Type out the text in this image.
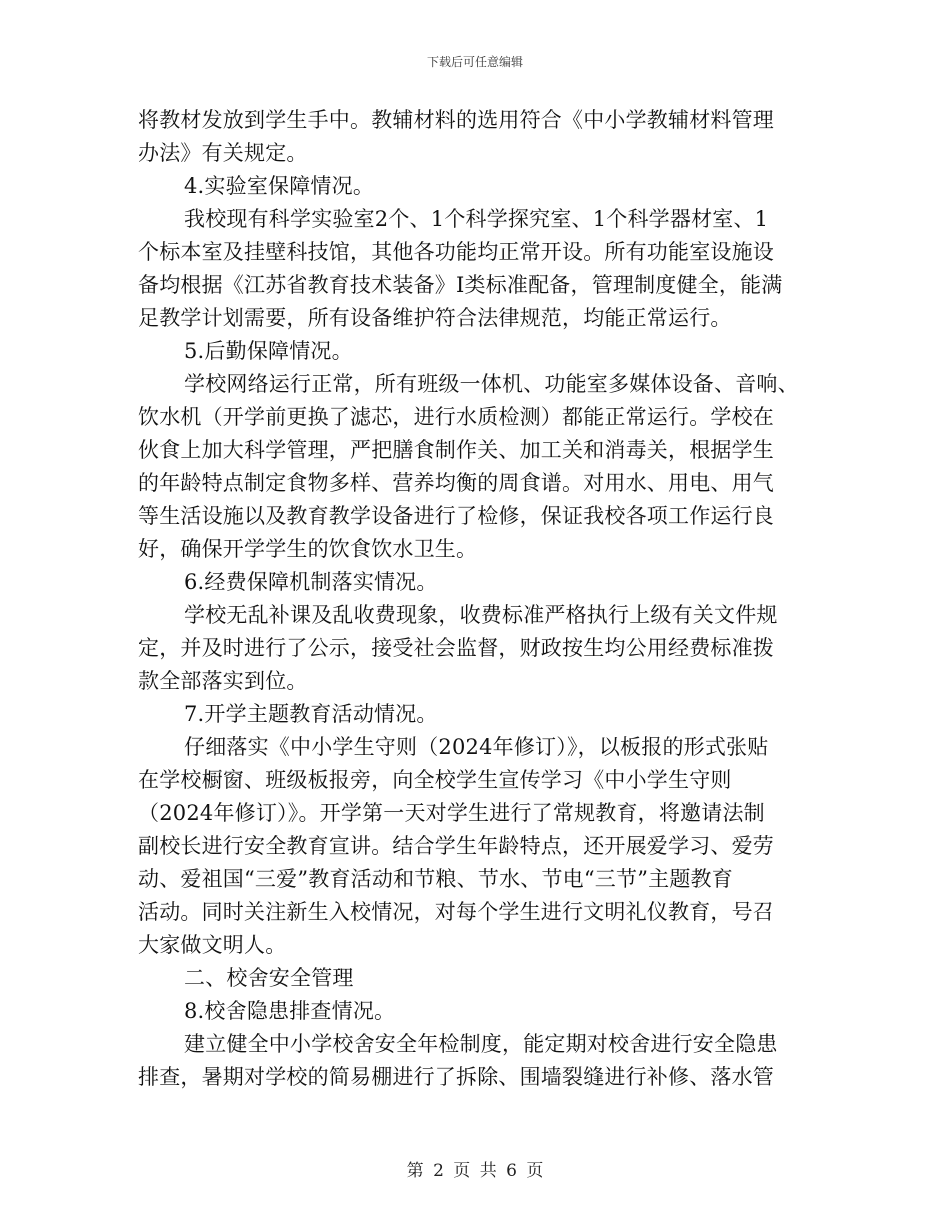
下载后可任意编辑
将教材发放到学生手中。教辅材料的选用符合《中小学教辅材料管理
办法》有关规定。
4.实验室保障情况。
我校现有科学实验室2个、1个科学探究室、1个科学器材室、1
个标本室及挂壁科技馆，其他各功能均正常开设。所有功能室设施设
备均根据《江苏省教育技术装备》I类标准配备，管理制度健全，能满
足教学计划需要，所有设备维护符合法律规范，均能正常运行。
5.后勤保障情况。
学校网络运行正常，所有班级一体机、功能室多媒体设备、音响、
饮水机（开学前更换了滤芯，进行水质检测）都能正常运行。学校在
伙食上加大科学管理，严把膳食制作关、加工关和消毒关，根据学生
的年龄特点制定食物多样、营养均衡的周食谱。对用水、用电、用气
等生活设施以及教育教学设备进行了检修，保证我校各项工作运行良
好，确保开学学生的饮食饮水卫生。
6.经费保障机制落实情况。
学校无乱补课及乱收费现象，收费标准严格执行上级有关文件规
定，并及时进行了公示，接受社会监督，财政按生均公用经费标准拨
款全部落实到位。
7.开学主题教育活动情况。
仔细落实《中小学生守则（2024年修订）》，以板报的形式张贴
在学校橱窗、班级板报旁，向全校学生宣传学习《中小学生守则
（2024年修订）》。开学第一天对学生进行了常规教育，将邀请法制
副校长进行安全教育宣讲。结合学生年龄特点，还开展爱学习、爱劳
动、爱祖国“三爱”教育活动和节粮、节水、节电“三节”主题教育
活动。同时关注新生入校情况，对每个学生进行文明礼仪教育，号召
大家做文明人。
二、校舍安全管理
8.校舍隐患排查情况。
建立健全中小学校舍安全年检制度，能定期对校舍进行安全隐患
排查，暑期对学校的简易棚进行了拆除、围墙裂缝进行补修、落水管
第 2 页 共 6 页
